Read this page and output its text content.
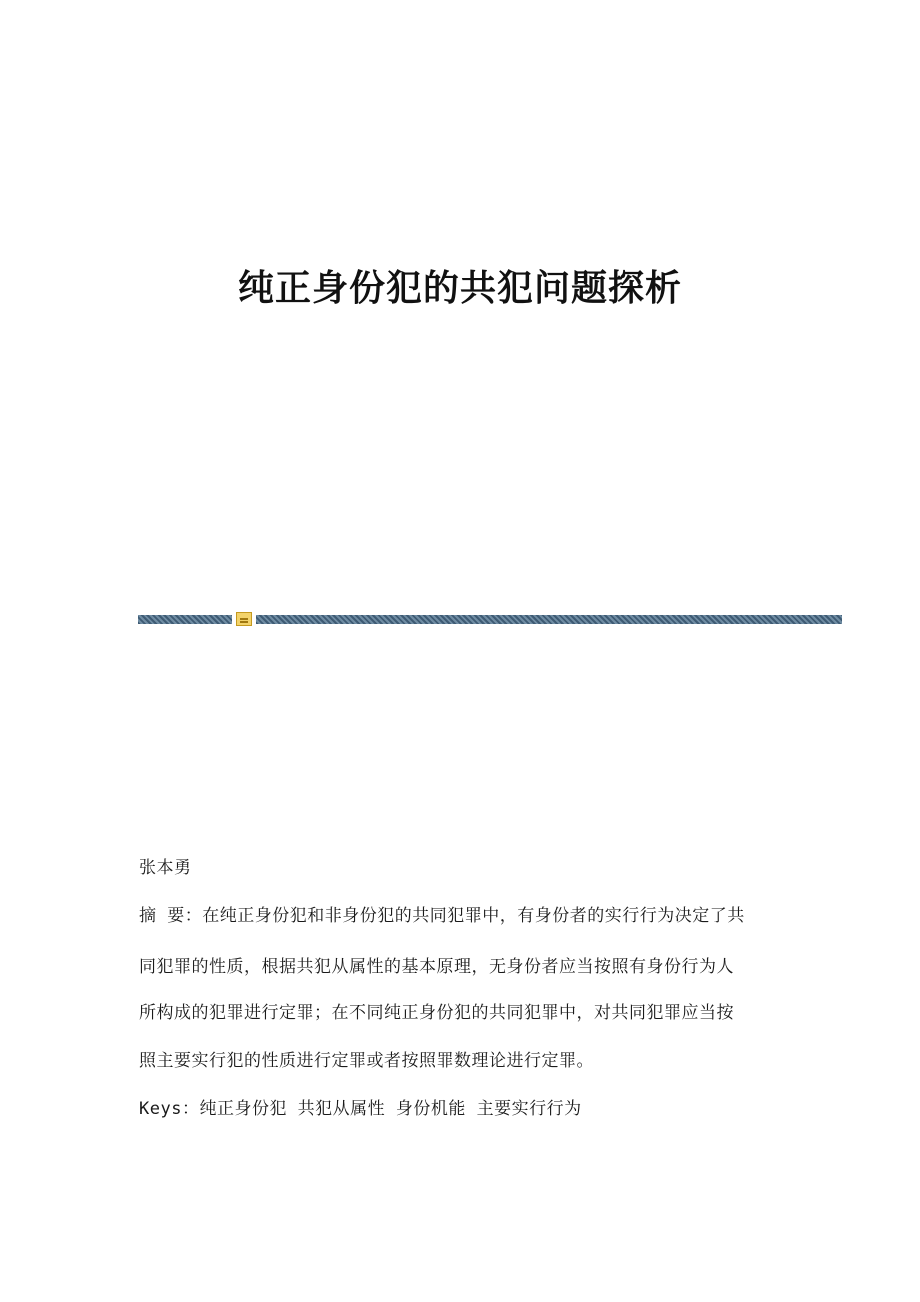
纯正身份犯的共犯问题探析
张本勇
摘 要：在纯正身份犯和非身份犯的共同犯罪中，有身份者的实行行为决定了共
同犯罪的性质，根据共犯从属性的基本原理，无身份者应当按照有身份行为人
所构成的犯罪进行定罪；在不同纯正身份犯的共同犯罪中，对共同犯罪应当按
照主要实行犯的性质进行定罪或者按照罪数理论进行定罪。
Keys：纯正身份犯 共犯从属性 身份机能 主要实行行为
